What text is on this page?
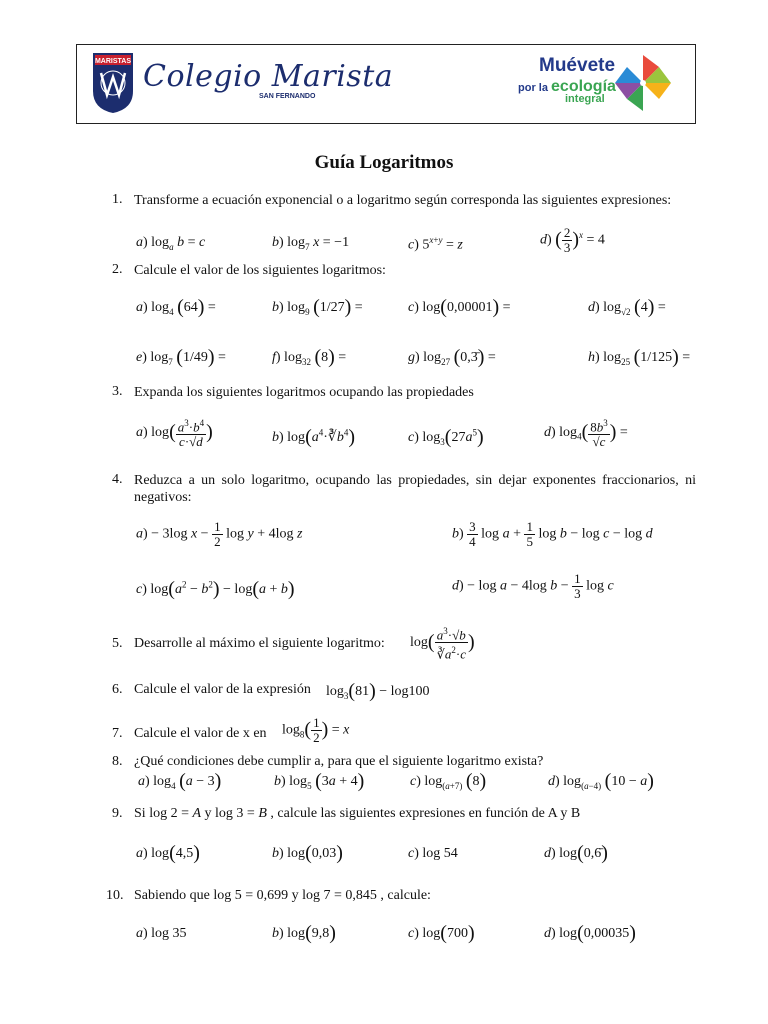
MARISTAS Colegio Marista
SAN FERNANDO
Muévete
por la ecología
integral
Guía Logaritmos
1. Transforme a ecuación exponencial o a logaritmo según corresponda las siguientes expresiones:
a) $\log_a b = c$	b) $\log_7 x = -1$	c) $5^{x+y} = z$	d) ( $\frac{2}{3} )^x = 4$
2. Calcule el valor de los siguientes logaritmos:
a) $\log_4 (64)$ =	b) $\log_9 (1/27)$ =	c) log(0,00001) =	d) $\log_{√2} (4)$ =
e) $\log_7 (1/49)$ =	f) $\log_{32} (8)$ =	g) $\log_{27}$ (0,3̄) =	h) $\log_{25} (1/125)$ =
3. Expanda los siguientes logaritmos ocupando las propiedades
a) $\log( \frac{a^3\cdot b^4}{c\cdot√d}$ )	b) $\log(a^4\cdot∛b^4)$	c) $\log_3(27a^5)$	d) $\log_4( \frac{8b^3}{√c}$ ) =
4. Reduzca a un solo logaritmo, ocupando las propiedades, sin dejar exponentes fraccionarios, ni negativos:
a) − 3log $x - \frac{1}{2}$ log y + 4log z	$b) \frac{3}{4}$ $\log a + \frac{1}{5}$ log b − log c − log d
c) $\log(a^2 - b^2) - \log(a + b)$	d) − log a − 4log $b - \frac{1}{3}$ log c
5. Desarrolle al máximo el siguiente logaritmo: $\log( \frac{a^3\cdot√b}{∛a^2\cdot c}$ )
6. Calcule el valor de la expresión $\log_3(81) - \log 100$
7. Calcule el valor de x en $\log_8( \frac{1}{2}$ ) = x
8. ¿Qué condiciones debe cumplir a, para que el siguiente logaritmo exista?
a) $\log_4 (a - 3)$	b) $\log_5 (3a + 4)$	c) $\log_{(a+7)} (8)$	d) $\log_{(a-4)} (10 - a)$
9. Si log 2 = A y log 3 = B , calcule las siguientes expresiones en función de A y B
a) log(4,5)	b) log(0,03)	c) log 54	d) log(0,6̄)
10. Sabiendo que log 5 = 0,699 y log 7 = 0,845 , calcule:
a) log 35	b) log(9,8)	c) log(700)	d) log(0,00035)
